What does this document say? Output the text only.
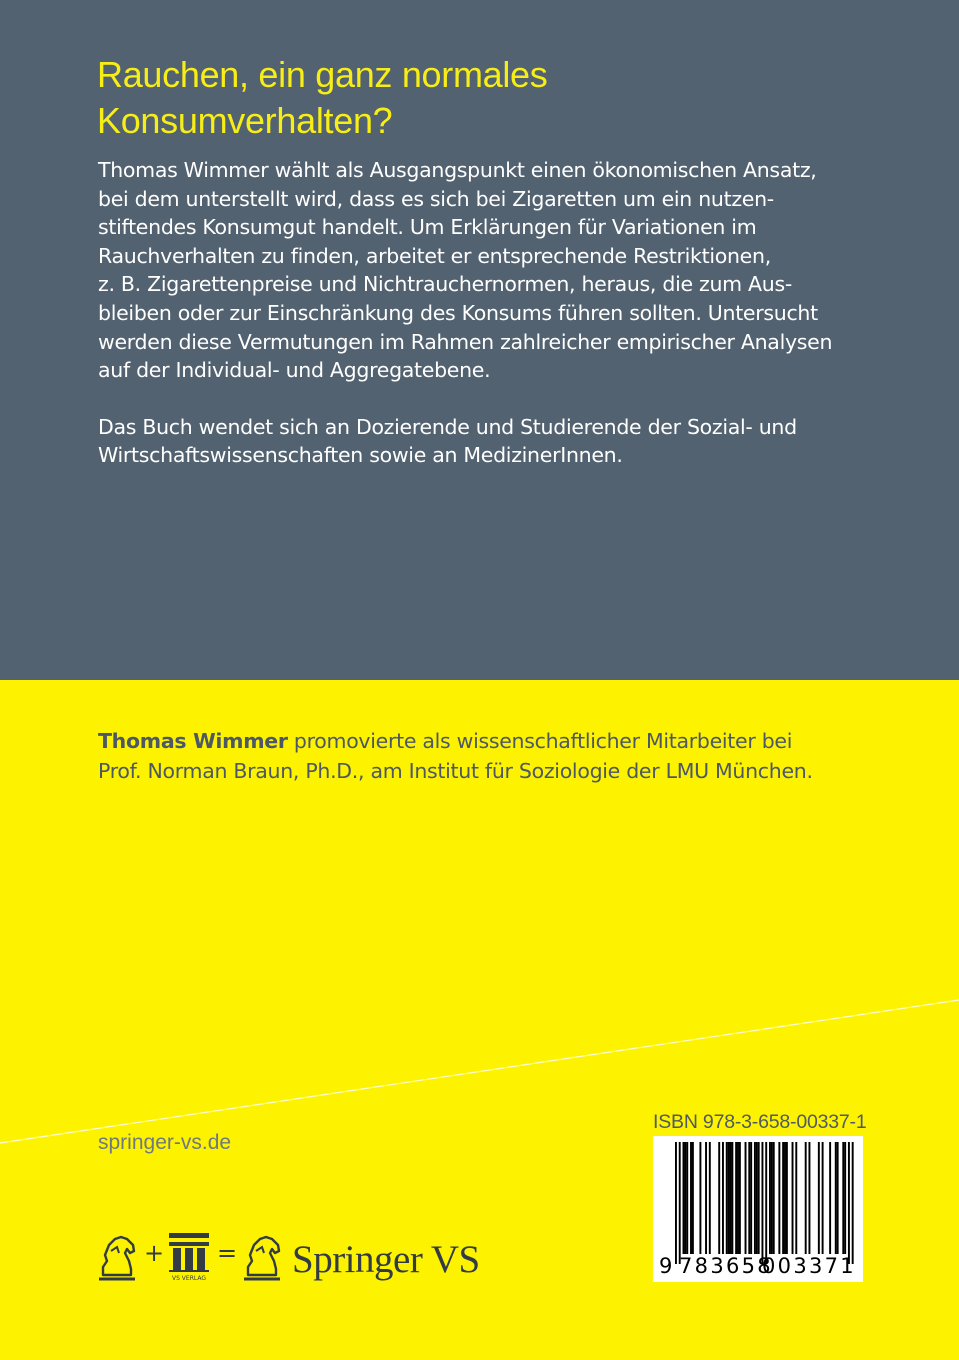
Rauchen, ein ganz normales
Konsumverhalten?
Thomas Wimmer wählt als Ausgangspunkt einen ökonomischen Ansatz,
bei dem unterstellt wird, dass es sich bei Zigaretten um ein nutzen-
stiftendes Konsumgut handelt. Um Erklärungen für Variationen im
Rauchverhalten zu finden, arbeitet er entsprechende Restriktionen,
z. B. Zigarettenpreise und Nichtrauchernormen, heraus, die zum Aus-
bleiben oder zur Einschränkung des Konsums führen sollten. Untersucht
werden diese Vermutungen im Rahmen zahlreicher empirischer Analysen
auf der Individual- und Aggregatebene.
Das Buch wendet sich an Dozierende und Studierende der Sozial- und
Wirtschaftswissenschaften sowie an MedizinerInnen.
Thomas Wimmer promovierte als wissenschaftlicher Mitarbeiter bei
Prof. Norman Braun, Ph.D., am Institut für Soziologie der LMU München.
springer-vs.de
ISBN 978-3-658-00337-1
9 783658
003371
+
VS VERLAG
= Springer VS
